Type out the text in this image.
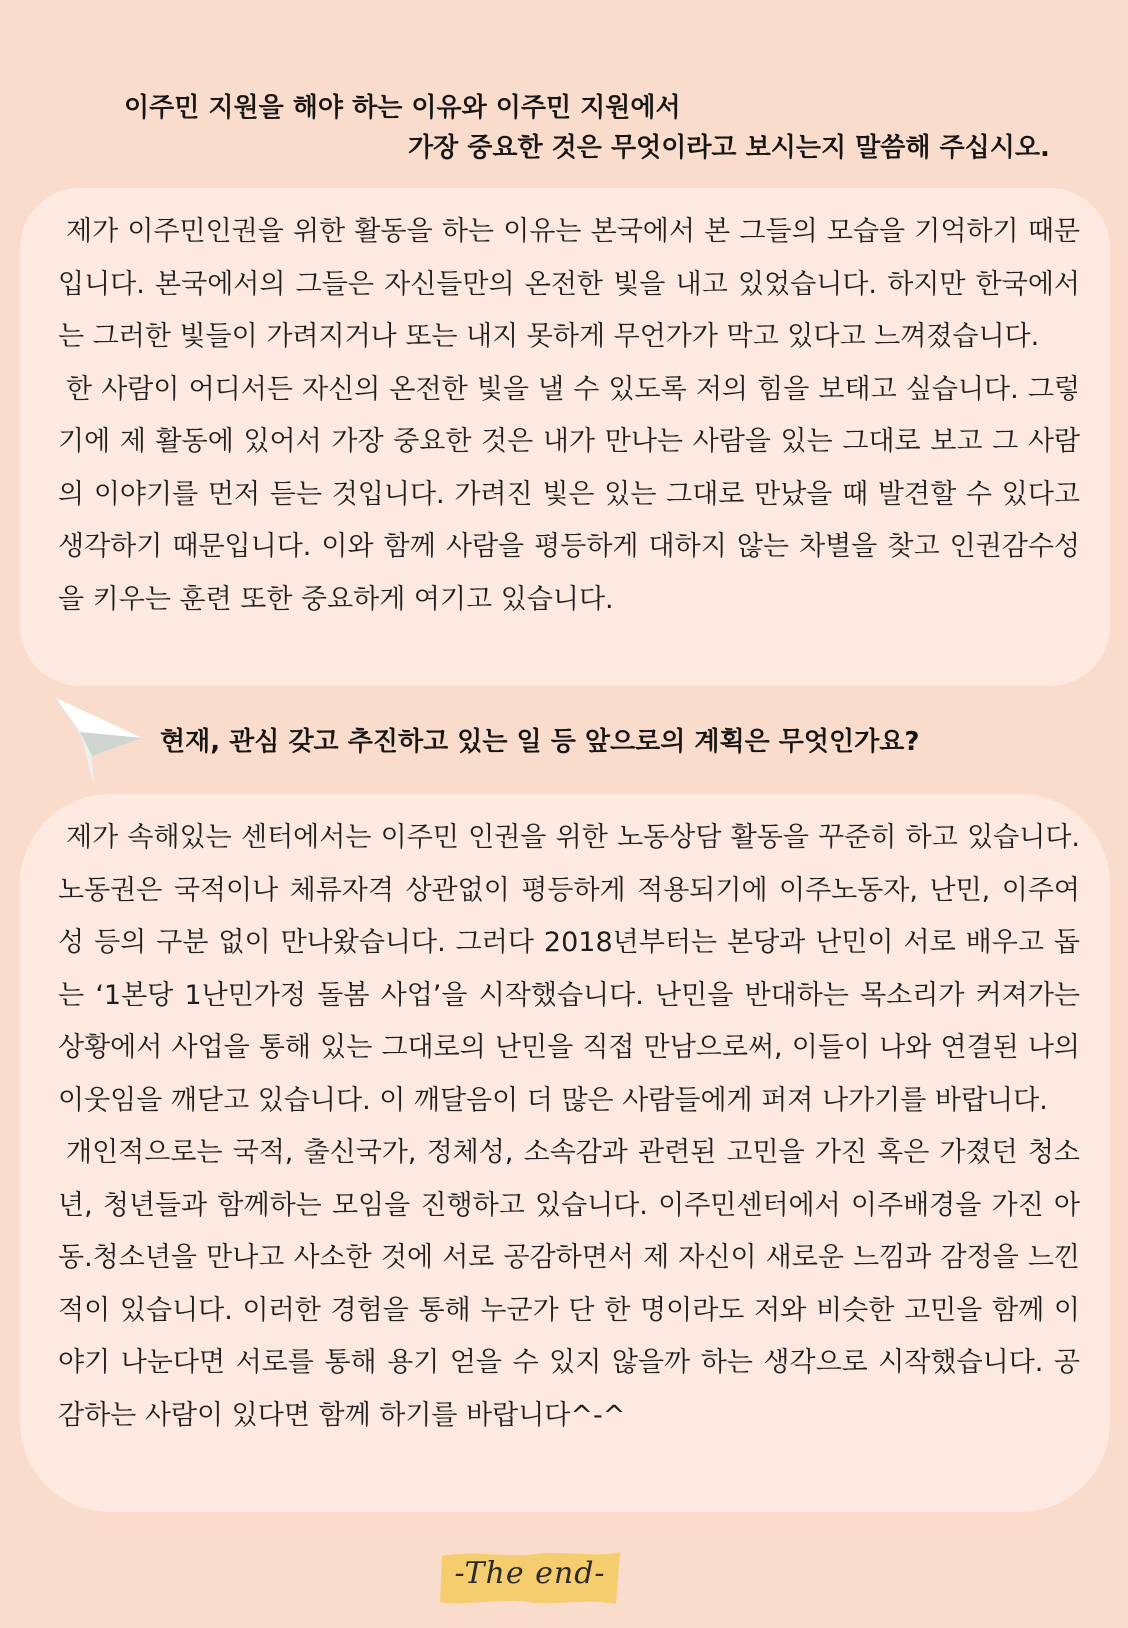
이주민 지원을 해야 하는 이유와 이주민 지원에서
가장 중요한 것은 무엇이라고 보시는지 말씀해 주십시오.

제가 이주민인권을 위한 활동을 하는 이유는 본국에서 본 그들의 모습을 기억하기 때문입니다. 본국에서의 그들은 자신들만의 온전한 빛을 내고 있었습니다. 하지만 한국에서는 그러한 빛들이 가려지거나 또는 내지 못하게 무언가가 막고 있다고 느껴졌습니다.

한 사람이 어디서든 자신의 온전한 빛을 낼 수 있도록 저의 힘을 보태고 싶습니다. 그렇기에 제 활동에 있어서 가장 중요한 것은 내가 만나는 사람을 있는 그대로 보고 그 사람의 이야기를 먼저 듣는 것입니다. 가려진 빛은 있는 그대로 만났을 때 발견할 수 있다고 생각하기 때문입니다. 이와 함께 사람을 평등하게 대하지 않는 차별을 찾고 인권감수성을 키우는 훈련 또한 중요하게 여기고 있습니다.

현재, 관심 갖고 추진하고 있는 일 등 앞으로의 계획은 무엇인가요?

제가 속해있는 센터에서는 이주민 인권을 위한 노동상담 활동을 꾸준히 하고 있습니다. 노동권은 국적이나 체류자격 상관없이 평등하게 적용되기에 이주노동자, 난민, 이주여성 등의 구분 없이 만나왔습니다. 그러다 2018년부터는 본당과 난민이 서로 배우고 돕는 ‘1본당 1난민가정 돌봄 사업’을 시작했습니다. 난민을 반대하는 목소리가 커져가는 상황에서 사업을 통해 있는 그대로의 난민을 직접 만남으로써, 이들이 나와 연결된 나의 이웃임을 깨닫고 있습니다. 이 깨달음이 더 많은 사람들에게 퍼져 나가기를 바랍니다.

개인적으로는 국적, 출신국가, 정체성, 소속감과 관련된 고민을 가진 혹은 가졌던 청소년, 청년들과 함께하는 모임을 진행하고 있습니다. 이주민센터에서 이주배경을 가진 아동.청소년을 만나고 사소한 것에 서로 공감하면서 제 자신이 새로운 느낌과 감정을 느낀 적이 있습니다. 이러한 경험을 통해 누군가 단 한 명이라도 저와 비슷한 고민을 함께 이야기 나눈다면 서로를 통해 용기 얻을 수 있지 않을까 하는 생각으로 시작했습니다. 공감하는 사람이 있다면 함께 하기를 바랍니다^-^

-The end-
